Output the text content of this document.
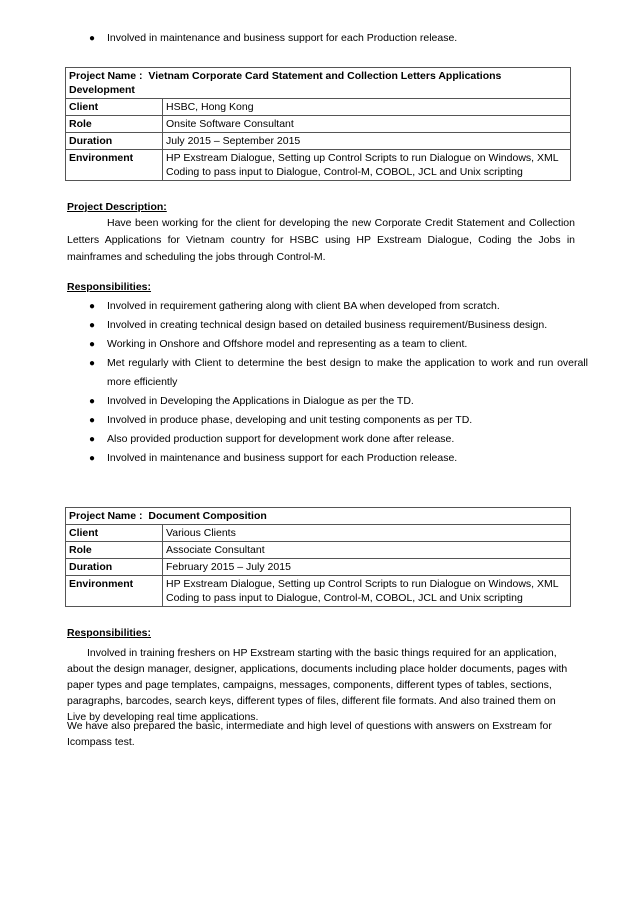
● Involved in maintenance and business support for each Production release.
Project Name : Vietnam Corporate Card Statement and Collection Letters Applications Development	
Client	HSBC, Hong Kong
Role	Onsite Software Consultant
Duration	July 2015 – September 2015
Environment	HP Exstream Dialogue, Setting up Control Scripts to run Dialogue on Windows, XML Coding to pass input to Dialogue, Control-M, COBOL, JCL and Unix scripting
Project Description:
Have been working for the client for developing the new Corporate Credit Statement and Collection Letters Applications for Vietnam country for HSBC using HP Exstream Dialogue, Coding the Jobs in mainframes and scheduling the jobs through Control-M.
Responsibilities:
● Involved in requirement gathering along with client BA when developed from scratch.
● Involved in creating technical design based on detailed business requirement/Business design.
● Working in Onshore and Offshore model and representing as a team to client.
● Met regularly with Client to determine the best design to make the application to work and run overall more efficiently
● Involved in Developing the Applications in Dialogue as per the TD.
● Involved in produce phase, developing and unit testing components as per TD.
● Also provided production support for development work done after release.
● Involved in maintenance and business support for each Production release.
Project Name : Document Composition	
Client	Various Clients
Role	Associate Consultant
Duration	February 2015 – July 2015
Environment	HP Exstream Dialogue, Setting up Control Scripts to run Dialogue on Windows, XML Coding to pass input to Dialogue, Control-M, COBOL, JCL and Unix scripting
Responsibilities:
Involved in training freshers on HP Exstream starting with the basic things required for an application, about the design manager, designer, applications, documents including place holder documents, pages with paper types and page templates, campaigns, messages, components, different types of tables, sections, paragraphs, barcodes, search keys, different types of files, different file formats. And also trained them on Live by developing real time applications.
We have also prepared the basic, intermediate and high level of questions with answers on Exstream for Icompass test.
